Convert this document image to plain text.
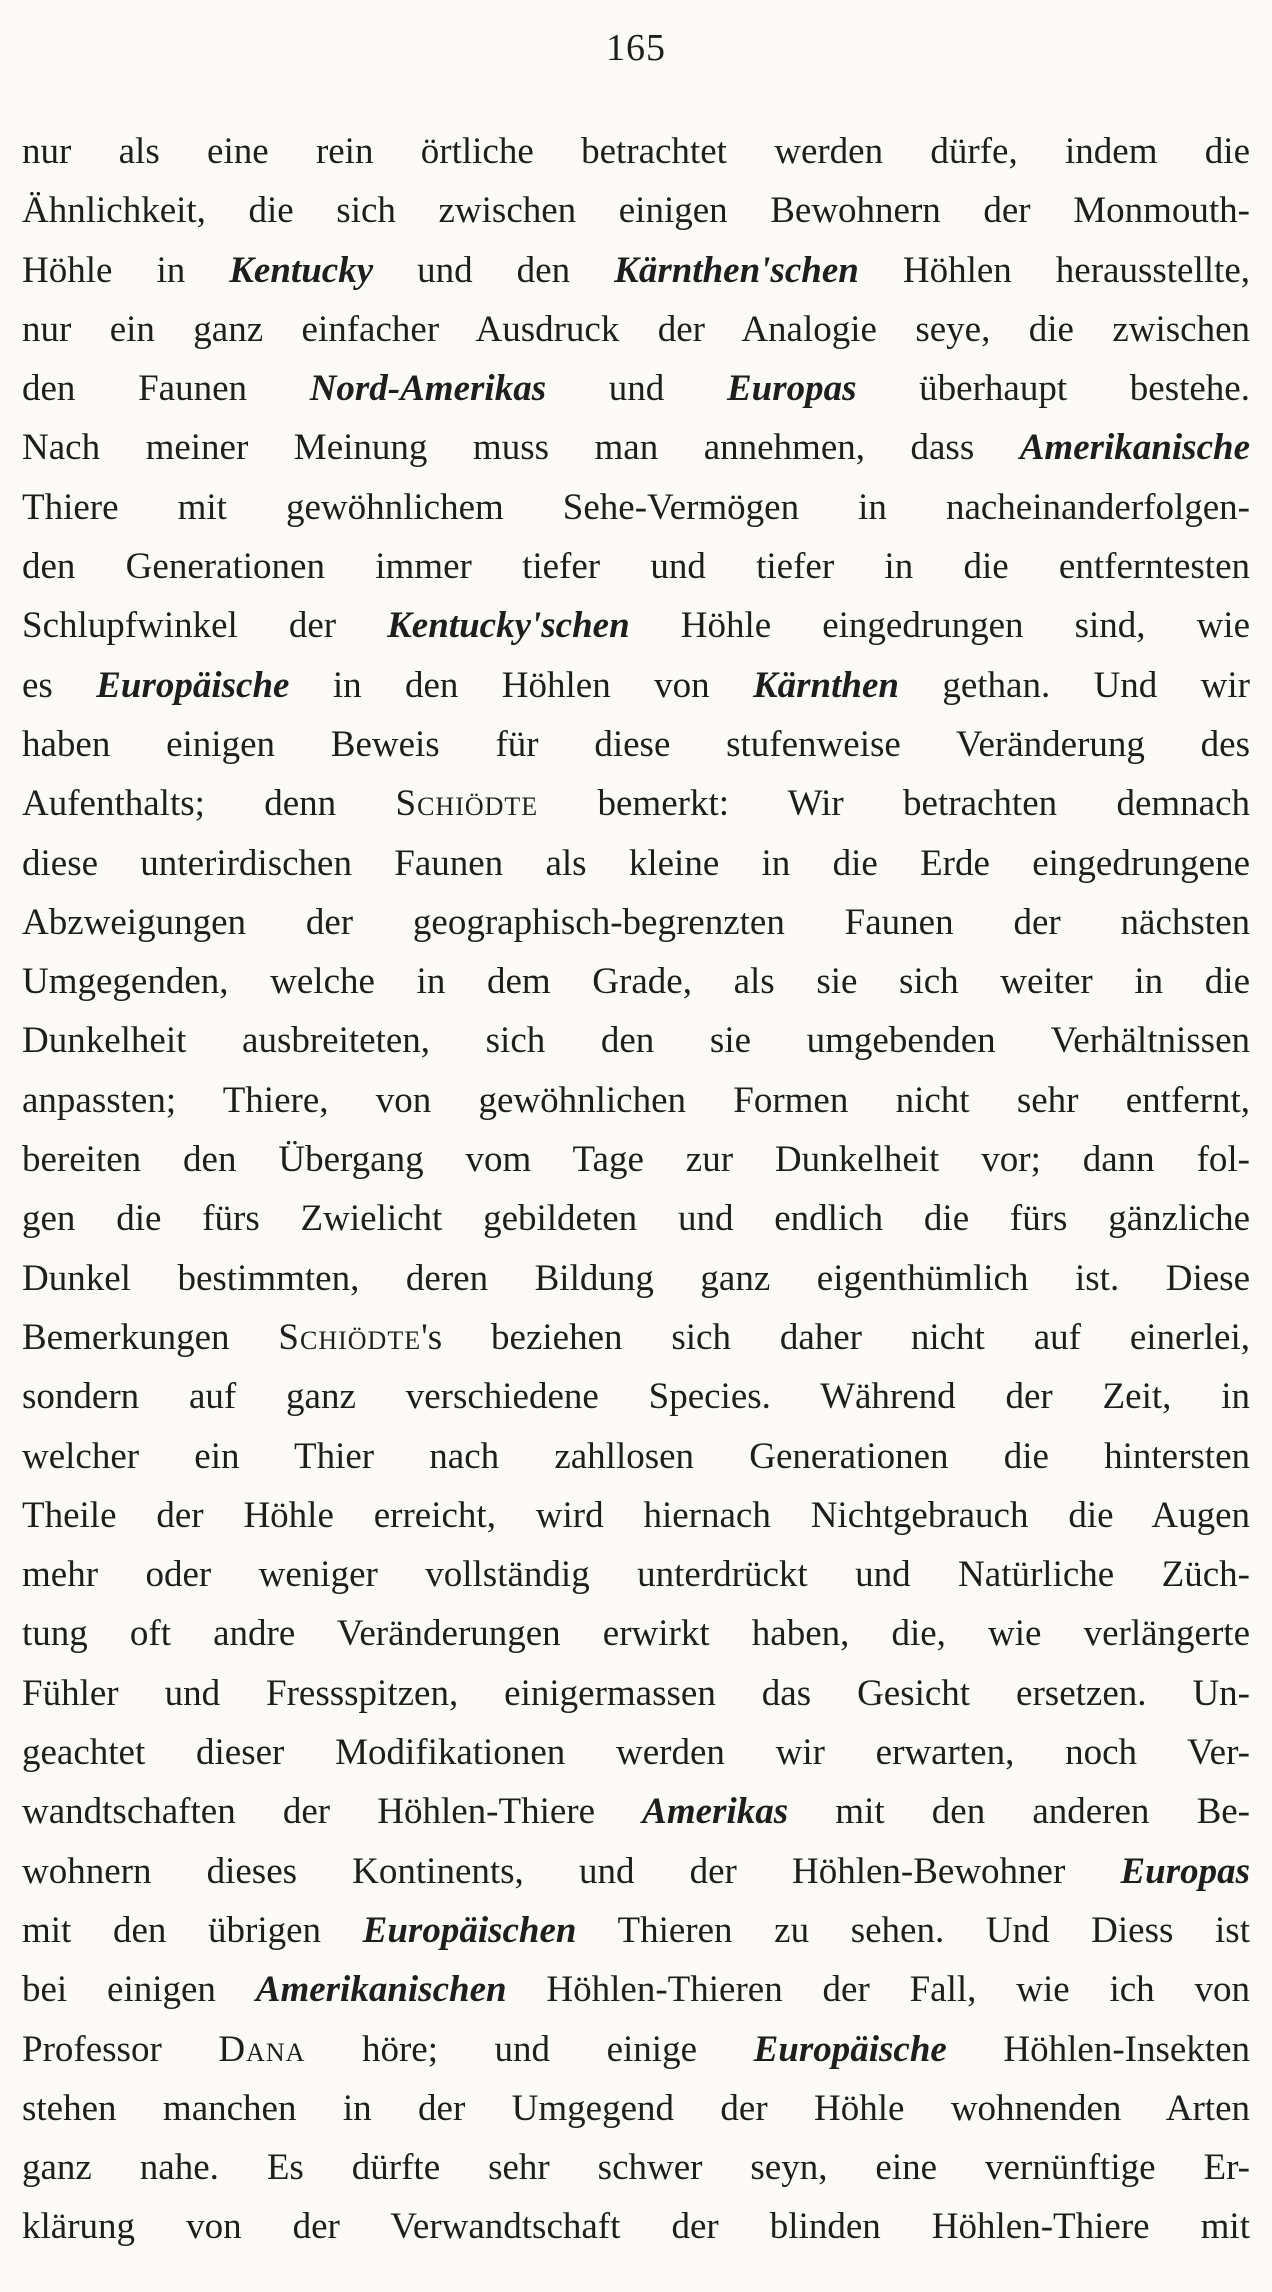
165
nur als eine rein örtliche betrachtet werden dürfe, indem die
Ähnlichkeit, die sich zwischen einigen Bewohnern der Monmouth-
Höhle in Kentucky und den Kärnthen'schen Höhlen herausstellte,
nur ein ganz einfacher Ausdruck der Analogie seye, die zwischen
den Faunen Nord-Amerikas und Europas überhaupt bestehe.
Nach meiner Meinung muss man annehmen, dass Amerikanische
Thiere mit gewöhnlichem Sehe-Vermögen in nacheinanderfolgen-
den Generationen immer tiefer und tiefer in die entferntesten
Schlupfwinkel der Kentucky'schen Höhle eingedrungen sind, wie
es Europäische in den Höhlen von Kärnthen gethan. Und wir
haben einigen Beweis für diese stufenweise Veränderung des
Aufenthalts; denn Schiödte bemerkt: Wir betrachten demnach
diese unterirdischen Faunen als kleine in die Erde eingedrungene
Abzweigungen der geographisch-begrenzten Faunen der nächsten
Umgegenden, welche in dem Grade, als sie sich weiter in die
Dunkelheit ausbreiteten, sich den sie umgebenden Verhältnissen
anpassten; Thiere, von gewöhnlichen Formen nicht sehr entfernt,
bereiten den Übergang vom Tage zur Dunkelheit vor; dann fol-
gen die fürs Zwielicht gebildeten und endlich die fürs gänzliche
Dunkel bestimmten, deren Bildung ganz eigenthümlich ist. Diese
Bemerkungen Schiödte's beziehen sich daher nicht auf einerlei,
sondern auf ganz verschiedene Species. Während der Zeit, in
welcher ein Thier nach zahllosen Generationen die hintersten
Theile der Höhle erreicht, wird hiernach Nichtgebrauch die Augen
mehr oder weniger vollständig unterdrückt und Natürliche Züch-
tung oft andre Veränderungen erwirkt haben, die, wie verlängerte
Fühler und Fressspitzen, einigermassen das Gesicht ersetzen. Un-
geachtet dieser Modifikationen werden wir erwarten, noch Ver-
wandtschaften der Höhlen-Thiere Amerikas mit den anderen Be-
wohnern dieses Kontinents, und der Höhlen-Bewohner Europas
mit den übrigen Europäischen Thieren zu sehen. Und Diess ist
bei einigen Amerikanischen Höhlen-Thieren der Fall, wie ich von
Professor Dana höre; und einige Europäische Höhlen-Insekten
stehen manchen in der Umgegend der Höhle wohnenden Arten
ganz nahe. Es dürfte sehr schwer seyn, eine vernünftige Er-
klärung von der Verwandtschaft der blinden Höhlen-Thiere mit
